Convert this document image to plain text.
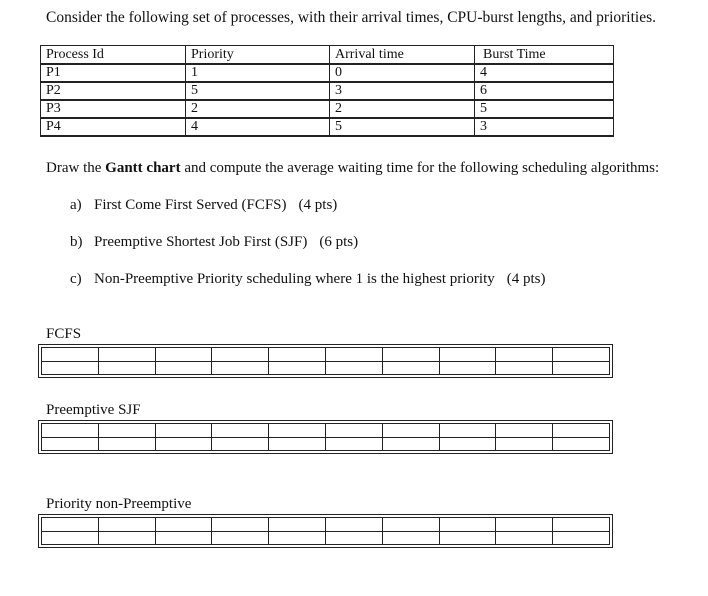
Consider the following set of processes, with their arrival times, CPU-burst lengths, and priorities.
Process Id	Priority	Arrival time	Burst Time
P1	1	0	4
P2	5	3	6
P3	2	2	5
P4	4	5	3
Draw the Gantt chart and compute the average waiting time for the following scheduling algorithms:
a) First Come First Served (FCFS) (4 pts)
b) Preemptive Shortest Job First (SJF) (6 pts)
c) Non-Preemptive Priority scheduling where 1 is the highest priority (4 pts)
FCFS

Preemptive SJF

Priority non-Preemptive
